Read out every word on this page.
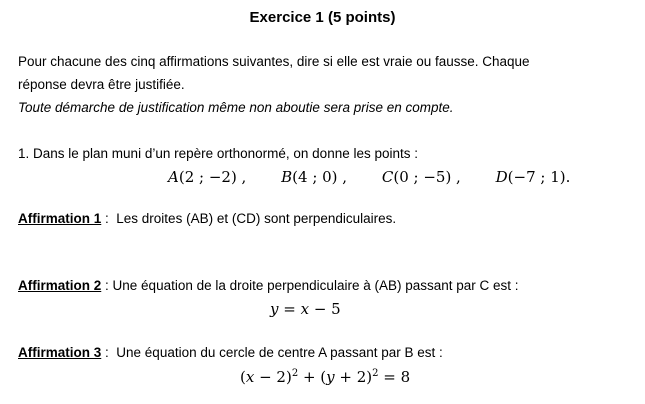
Exercice 1 (5 points)
Pour chacune des cinq affirmations suivantes, dire si elle est vraie ou fausse. Chaque
réponse devra être justifiée.
Toute démarche de justification même non aboutie sera prise en compte.
1. Dans le plan muni d’un repère orthonormé, on donne les points :
A(2 ; −2) , B(4 ; 0) , C(0 ; −5) , D(−7 ; 1).
Affirmation 1 :  Les droites (AB) et (CD) sont perpendiculaires.
Affirmation 2 : Une équation de la droite perpendiculaire à (AB) passant par C est :
y = x − 5
Affirmation 3 :  Une équation du cercle de centre A passant par B est :
$(x - 2)^2 + (y + 2)^2 = 8$
